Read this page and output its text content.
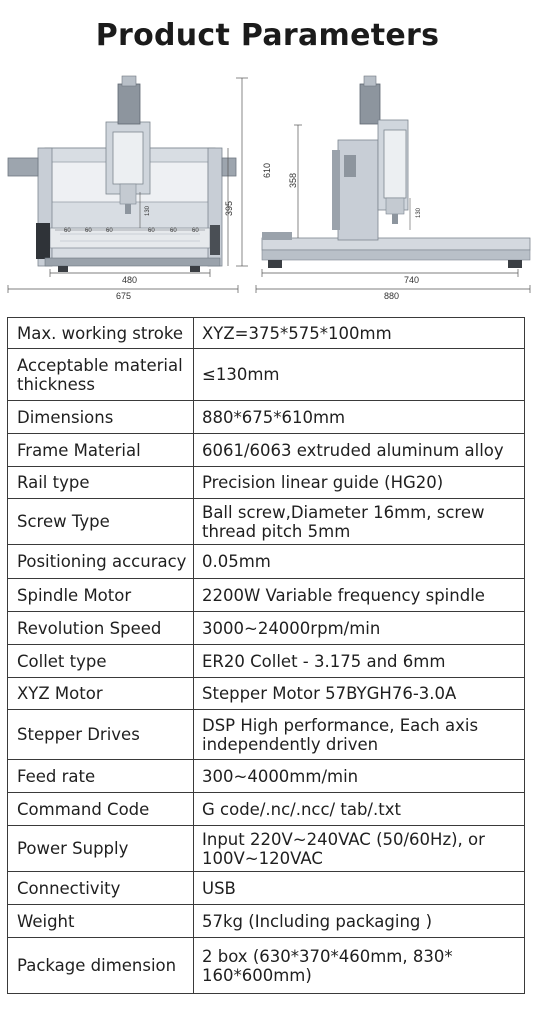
Product Parameters
60 60 60	60	60	60
130
610
395
480
675
358
130
740
880
Max. working stroke	XYZ=375*575*100mm
Acceptable material thickness	≤130mm
Dimensions	880*675*610mm
Frame Material	6061/6063 extruded aluminum alloy
Rail type	Precision linear guide (HG20)
Screw Type	Ball screw,Diameter 16mm, screw thread pitch 5mm
Positioning accuracy	0.05mm
Spindle Motor	2200W Variable frequency spindle
Revolution Speed	3000~24000rpm/min
Collet type	ER20 Collet - 3.175 and 6mm
XYZ Motor	Stepper Motor 57BYGH76-3.0A
Stepper Drives	DSP High performance, Each axis independently driven
Feed rate	300~4000mm/min
Command Code	G code/.nc/.ncc/ tab/.txt
Power Supply	Input 220V~240VAC (50/60Hz), or 100V~120VAC
Connectivity	USB
Weight	57kg (Including packaging )
Package dimension	2 box (630*370*460mm, 830* 160*600mm)
